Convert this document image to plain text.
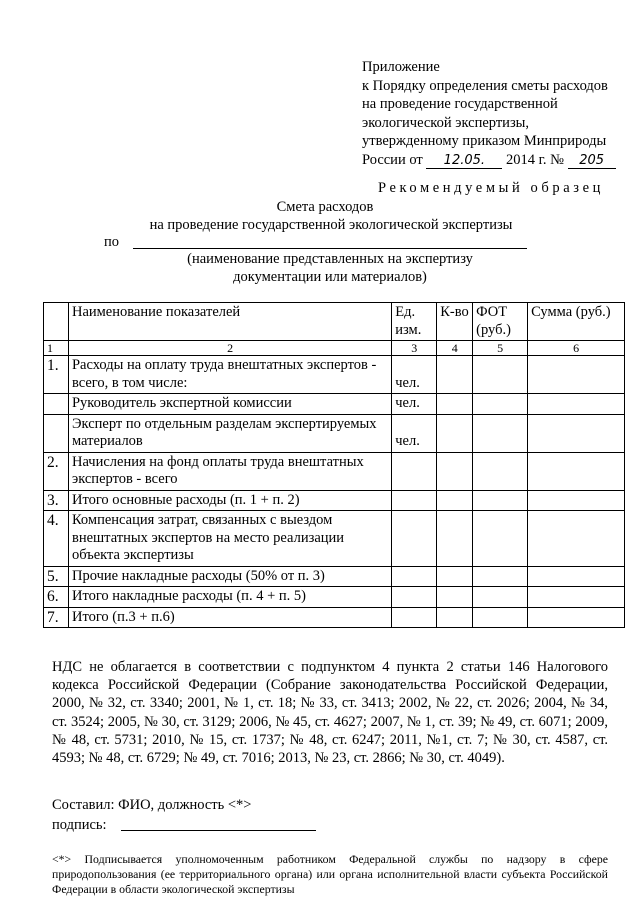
Приложение
к Порядку определения сметы расходов
на проведение государственной
экологической экспертизы,
утвержденному приказом Минприроды
России от 12.05. 2014 г. № 205
Рекомендуемый образец
Смета расходов
на проведение государственной экологической экспертизы
по
(наименование представленных на экспертизу
документации или материалов)
	Наименование показателей	Ед. изм.	К-во	ФОТ (руб.)	Сумма (руб.)
1	2	3	4	5	6
1.	Расходы на оплату труда внештатных экспертов - всего, в том числе:	чел.			
	Руководитель экспертной комиссии	чел.			
	Эксперт по отдельным разделам экспертируемых материалов	чел.			
2.	Начисления на фонд оплаты труда внештатных экспертов - всего				
3.	Итого основные расходы (п. 1 + п. 2)				
4.	Компенсация затрат, связанных с выездом внештатных экспертов на место реализации объекта экспертизы				
5.	Прочие накладные расходы (50% от п. 3)				
6.	Итого накладные расходы (п. 4 + п. 5)				
7.	Итого (п.3 + п.6)				
НДС не облагается в соответствии с подпунктом 4 пункта 2 статьи 146 Налогового кодекса Российской Федерации (Собрание законодательства Российской Федерации, 2000, № 32, ст. 3340; 2001, № 1, ст. 18; № 33, ст. 3413; 2002, № 22, ст. 2026; 2004, № 34, ст. 3524; 2005, № 30, ст. 3129; 2006, № 45, ст. 4627; 2007, № 1, ст. 39; № 49, ст. 6071; 2009, № 48, ст. 5731; 2010, № 15, ст. 1737; № 48, ст. 6247; 2011, №1, ст. 7; № 30, ст. 4587, ст. 4593; № 48, ст. 6729; № 49, ст. 7016; 2013, № 23, ст. 2866; № 30, ст. 4049).
Составил: ФИО, должность <*>
подпись:
<*> Подписывается уполномоченным работником Федеральной службы по надзору в сфере природопользования (ее территориального органа) или органа исполнительной власти субъекта Российской Федерации в области экологической экспертизы
